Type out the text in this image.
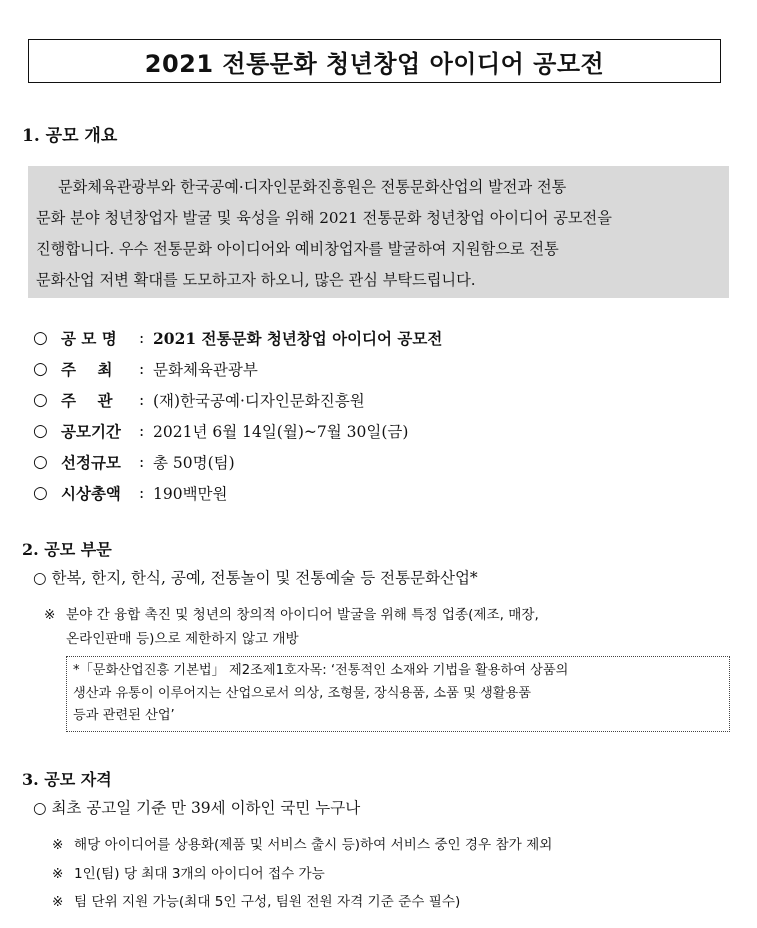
2021 전통문화 청년창업 아이디어 공모전
1. 공모 개요
문화체육관광부와 한국공예·디자인문화진흥원은 전통문화산업의 발전과 전통
문화 분야 청년창업자 발굴 및 육성을 위해 2021 전통문화 청년창업 아이디어 공모전을
진행합니다. 우수 전통문화 아이디어와 예비창업자를 발굴하여 지원함으로 전통
문화산업 저변 확대를 도모하고자 하오니, 많은 관심 부탁드립니다.
○ 공 모 명	: 2021 전통문화 청년창업 아이디어 공모전
○ 주    최	: 문화체육관광부
○ 주    관	: (재)한국공예·디자인문화진흥원
○ 공모기간	: 2021년 6월 14일(월)~7월 30일(금)
○ 선정규모	: 총 50명(팀)
○ 시상총액	: 190백만원
2. 공모 부문
○ 한복, 한지, 한식, 공예, 전통놀이 및 전통예술 등 전통문화산업*
※ 분야 간 융합 촉진 및 청년의 창의적 아이디어 발굴을 위해 특정 업종(제조, 매장,
온라인판매 등)으로 제한하지 않고 개방
*「문화산업진흥 기본법」 제2조제1호자목: ‘전통적인 소재와 기법을 활용하여 상품의
생산과 유통이 이루어지는 산업으로서 의상, 조형물, 장식용품, 소품 및 생활용품
등과 관련된 산업’
3. 공모 자격
○ 최초 공고일 기준 만 39세 이하인 국민 누구나
※ 해당 아이디어를 상용화(제품 및 서비스 출시 등)하여 서비스 중인 경우 참가 제외
※ 1인(팀) 당 최대 3개의 아이디어 접수 가능
※ 팀 단위 지원 가능(최대 5인 구성, 팀원 전원 자격 기준 준수 필수)
